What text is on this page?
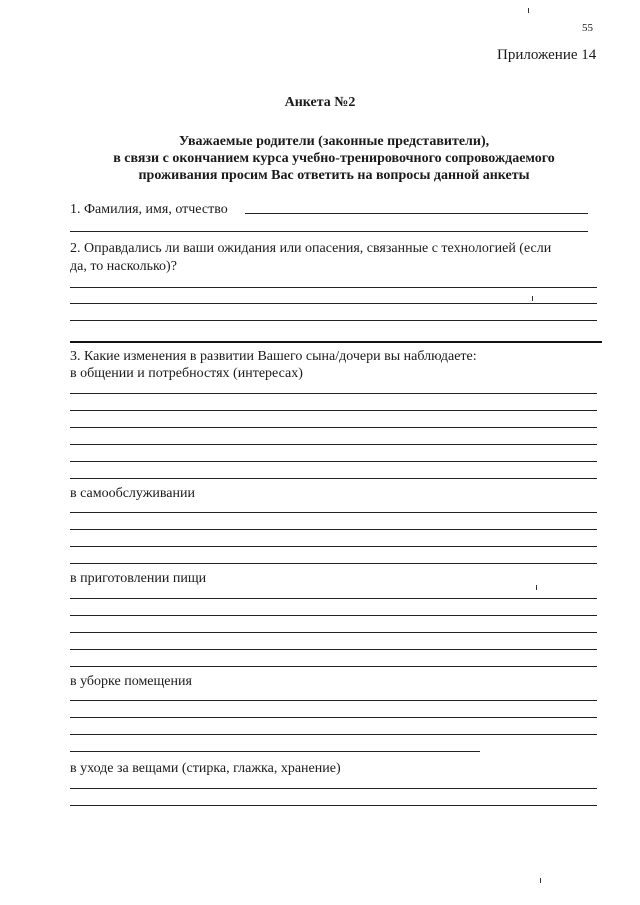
55
Приложение 14
Анкета №2
Уважаемые родители (законные представители),
в связи с окончанием курса учебно-тренировочного сопровождаемого
проживания просим Вас ответить на вопросы данной анкеты
1. Фамилия, имя, отчество
2. Оправдались ли ваши ожидания или опасения, связанные с технологией (если
да, то насколько)?
3. Какие изменения в развитии Вашего сына/дочери вы наблюдаете:
в общении и потребностях (интересах)
в самообслуживании
в приготовлении пищи
в уборке помещения
в уходе за вещами (стирка, глажка, хранение)
